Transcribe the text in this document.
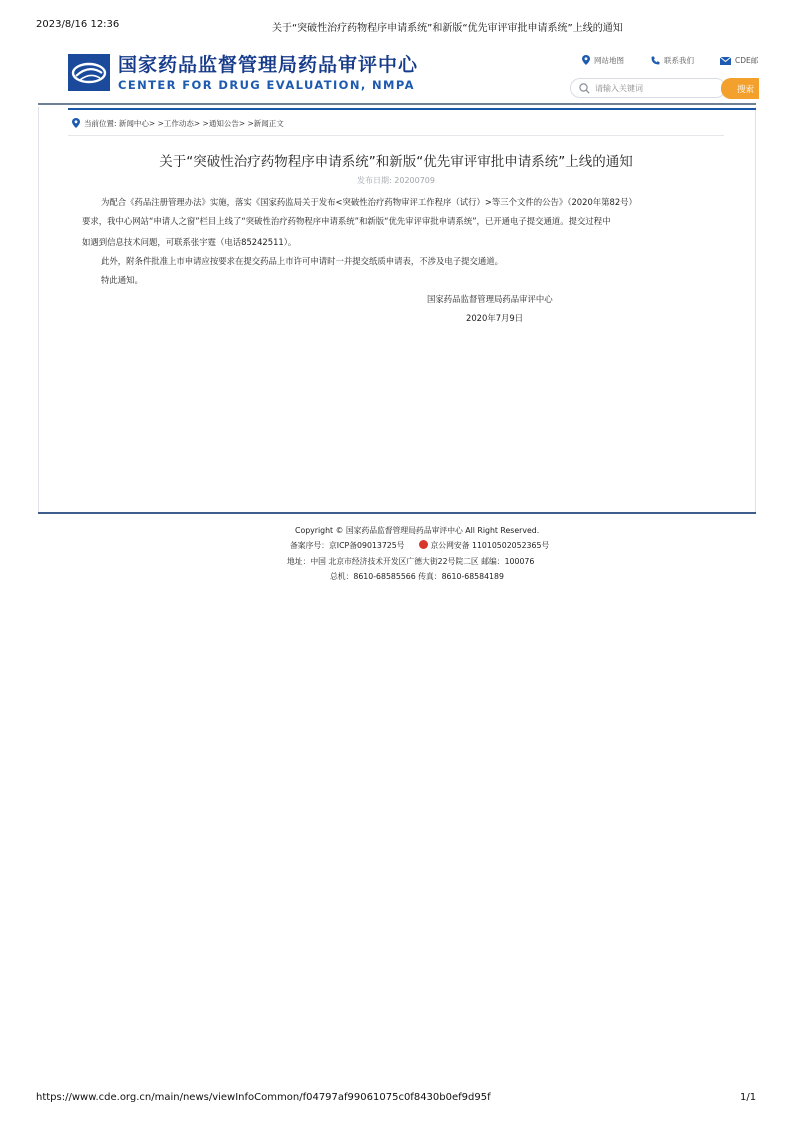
2023/8/16 12:36	关于“突破性治疗药物程序申请系统”和新版“优先审评审批申请系统”上线的通知
国家药品监督管理局药品审评中心
CENTER FOR DRUG EVALUATION, NMPA
网站地图	联系我们	CDE邮
请输入关键词
搜索
当前位置: 新闻中心> >工作动态> >通知公告> >新闻正文
关于“突破性治疗药物程序申请系统”和新版“优先审评审批申请系统”上线的通知
发布日期: 20200709
为配合《药品注册管理办法》实施，落实《国家药监局关于发布<突破性治疗药物审评工作程序（试行）>等三个文件的公告》（2020年第82号）
要求，我中心网站“申请人之窗”栏目上线了“突破性治疗药物程序申请系统”和新版“优先审评审批申请系统”，已开通电子提交通道。提交过程中
如遇到信息技术问题，可联系张宇霆（电话85242511）。
此外，附条件批准上市申请应按要求在提交药品上市许可申请时一并提交纸质申请表，不涉及电子提交通道。
特此通知。
国家药品监督管理局药品审评中心
2020年7月9日
Copyright © 国家药品监督管理局药品审评中心 All Right Reserved.
备案序号：京ICP备09013725号	京公网安备 11010502052365号
地址：中国 北京市经济技术开发区广德大街22号院二区 邮编：100076
总机：8610-68585566 传真：8610-68584189
https://www.cde.org.cn/main/news/viewInfoCommon/f04797af99061075c0f8430b0ef9d95f	1/1
